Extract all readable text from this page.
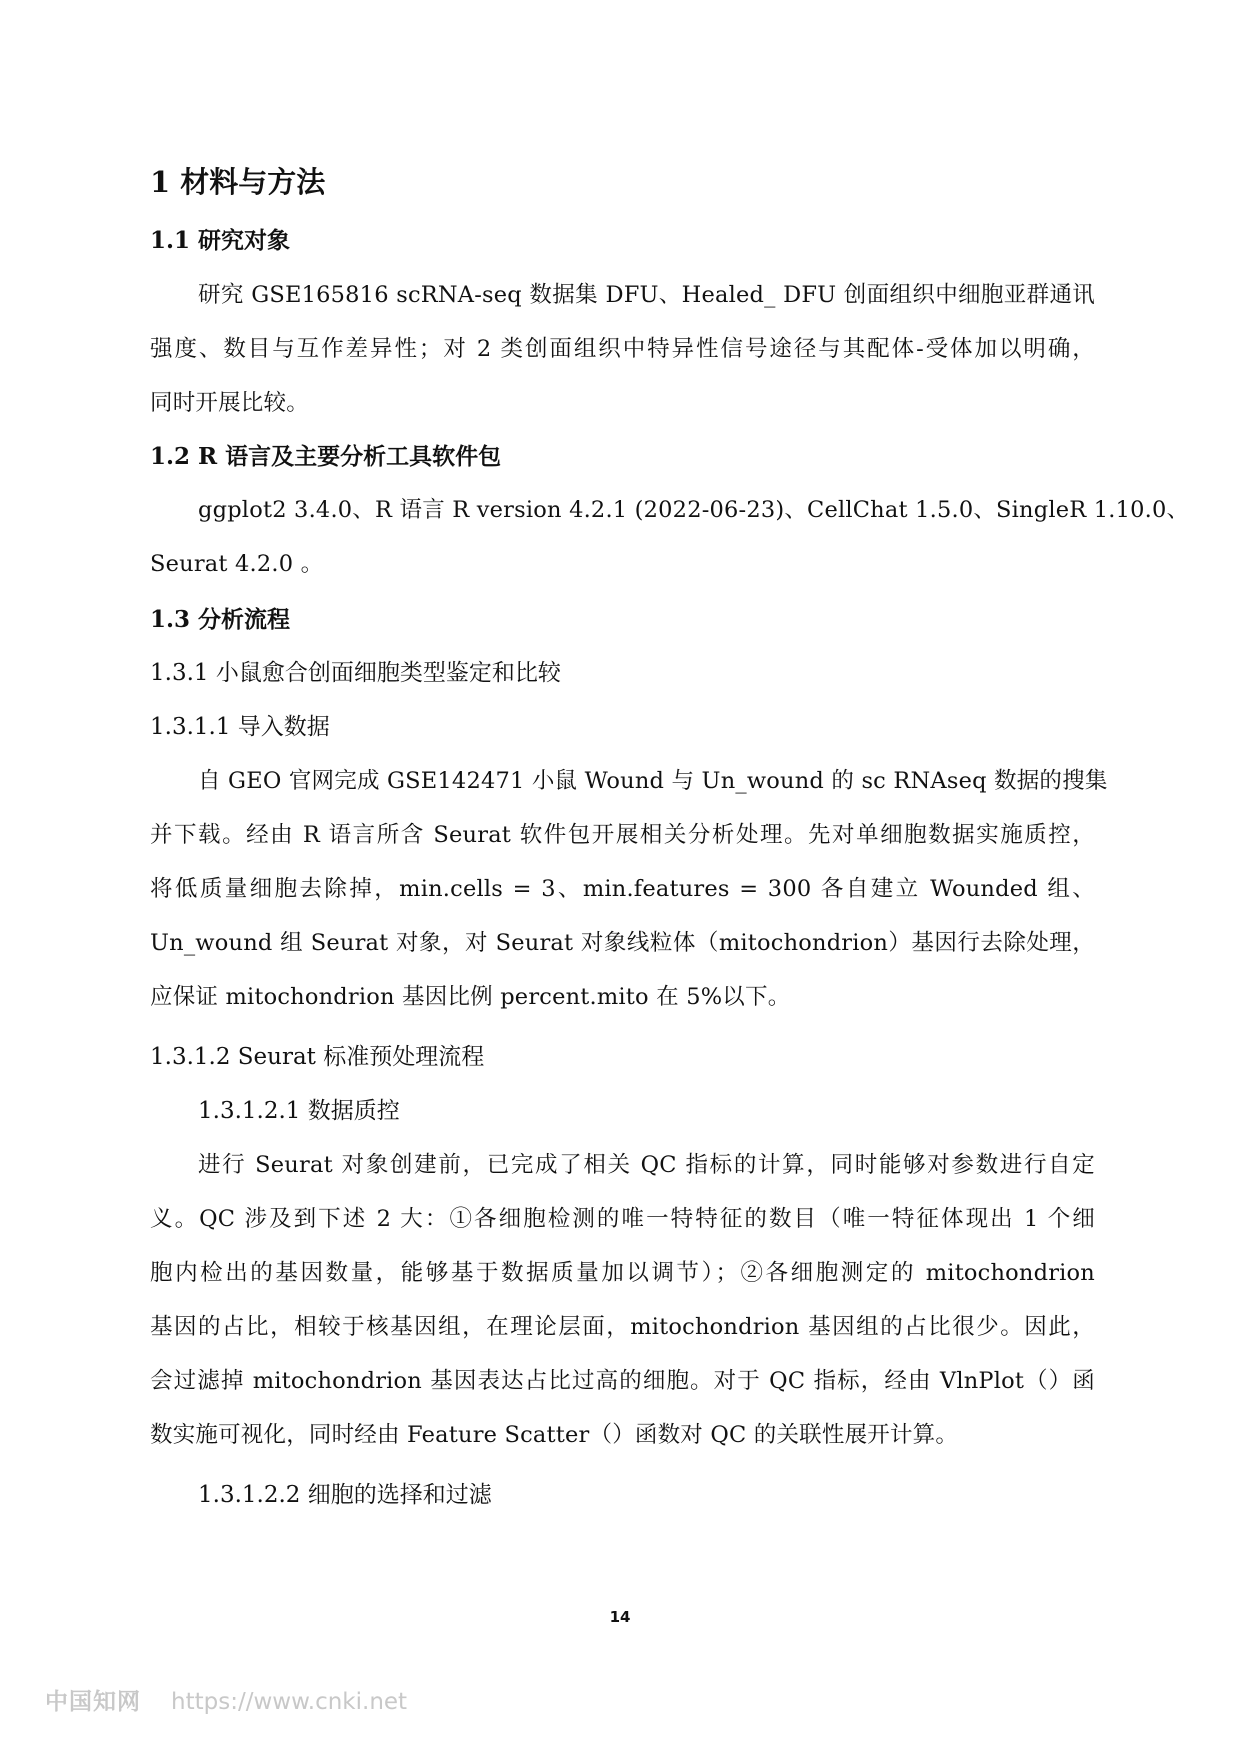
1 材料与方法
1.1 研究对象
研究 GSE165816 scRNA-seq 数据集 DFU、Healed_ DFU 创面组织中细胞亚群通讯
强度、数目与互作差异性；对 2 类创面组织中特异性信号途径与其配体-受体加以明确，
同时开展比较。
1.2 R 语言及主要分析工具软件包
ggplot2 3.4.0、R 语言 R version 4.2.1 (2022-06-23)、CellChat 1.5.0、SingleR 1.10.0、
Seurat 4.2.0 。
1.3 分析流程
1.3.1 小鼠愈合创面细胞类型鉴定和比较
1.3.1.1 导入数据
自 GEO 官网完成 GSE142471 小鼠 Wound 与 Un_wound 的 sc RNAseq 数据的搜集
并下载。经由 R 语言所含 Seurat 软件包开展相关分析处理。先对单细胞数据实施质控，
将低质量细胞去除掉，min.cells = 3、min.features = 300 各自建立 Wounded 组、
Un_wound 组 Seurat 对象，对 Seurat 对象线粒体（mitochondrion）基因行去除处理，
应保证 mitochondrion 基因比例 percent.mito 在 5%以下。
1.3.1.2 Seurat 标准预处理流程
1.3.1.2.1 数据质控
进行 Seurat 对象创建前，已完成了相关 QC 指标的计算，同时能够对参数进行自定
义。QC 涉及到下述 2 大：①各细胞检测的唯一特特征的数目（唯一特征体现出 1 个细
胞内检出的基因数量，能够基于数据质量加以调节）；②各细胞测定的 mitochondrion
基因的占比，相较于核基因组，在理论层面，mitochondrion 基因组的占比很少。因此，
会过滤掉 mitochondrion 基因表达占比过高的细胞。对于 QC 指标，经由 VlnPlot（）函
数实施可视化，同时经由 Feature Scatter（）函数对 QC 的关联性展开计算。
1.3.1.2.2 细胞的选择和过滤
14
中国知网 https://www.cnki.net
